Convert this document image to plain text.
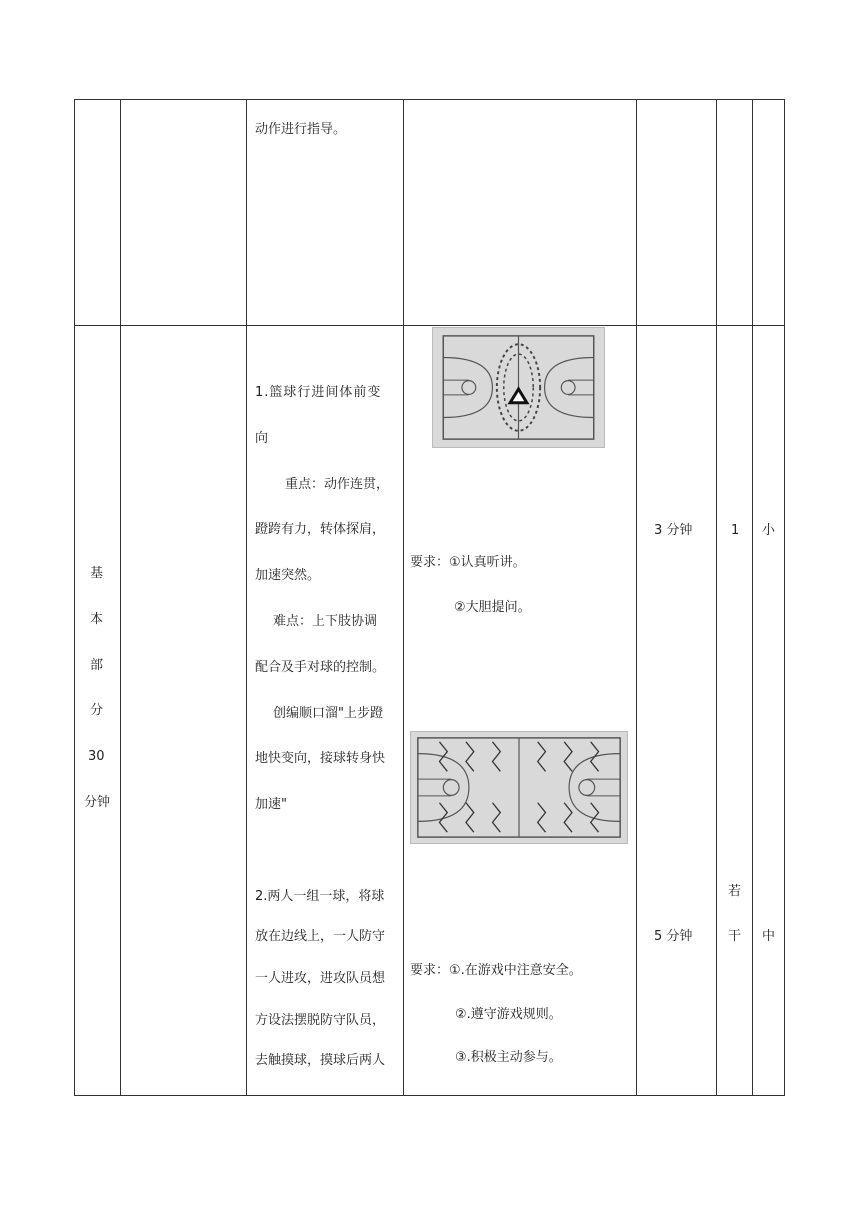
动作进行指导。
基
本
部
分
30
分钟
1.篮球行进间体前变
向
重点：动作连贯，
蹬跨有力，转体探肩，
加速突然。
难点：上下肢协调
配合及手对球的控制。
创编顺口溜"上步蹬
地快变向，接球转身快
加速"
要求：①认真听讲。
②大胆提问。
3 分钟	1 小
2.两人一组一球，将球
放在边线上，一人防守
一人进攻，进攻队员想
方设法摆脱防守队员，
去触摸球，摸球后两人
要求：①.在游戏中注意安全。
②.遵守游戏规则。
③.积极主动参与。
5 分钟
若
干 中
